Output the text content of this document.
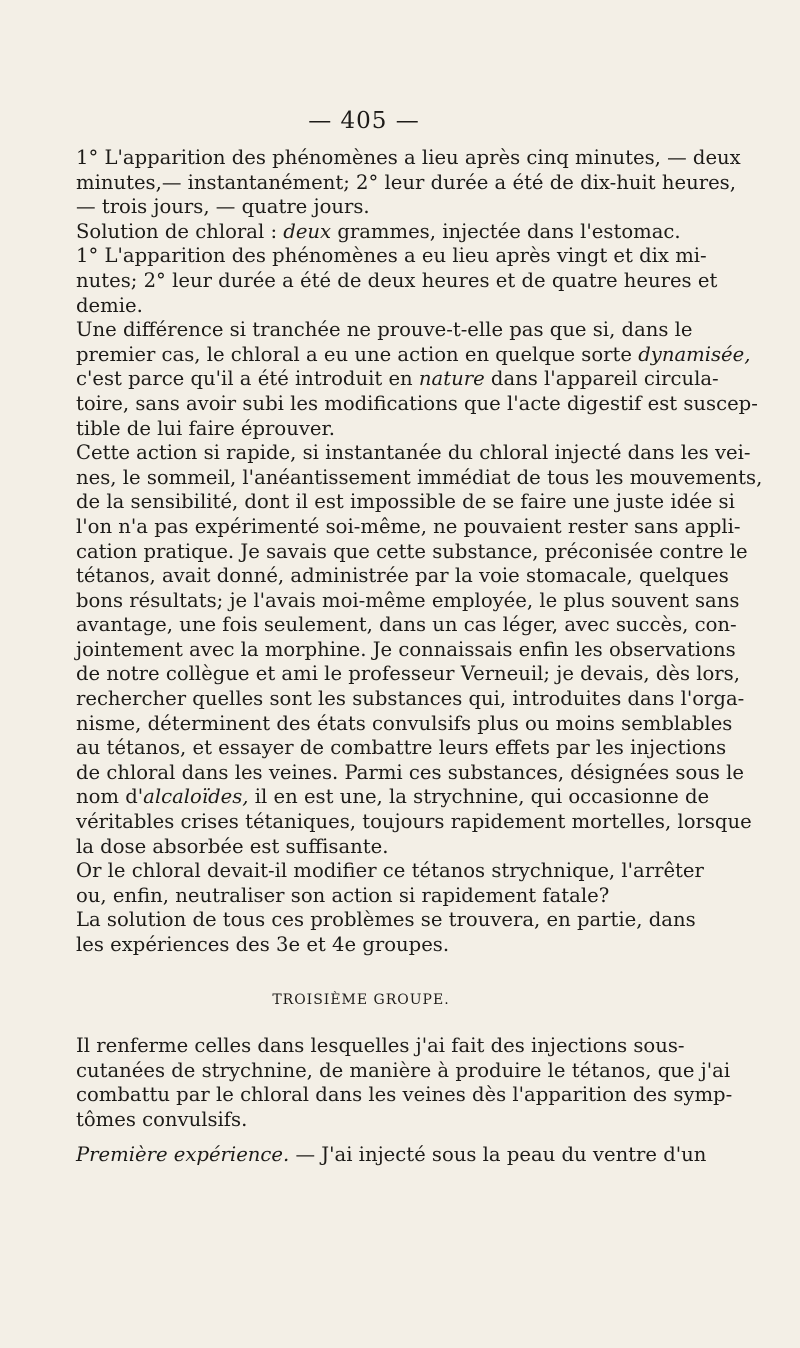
— 405 —

1° L'apparition des phénomènes a lieu après cinq minutes, — deux
minutes,— instantanément; 2° leur durée a été de dix-huit heures,
— trois jours, — quatre jours.

Solution de chloral : deux grammes, injectée dans l'estomac.

1° L'apparition des phénomènes a eu lieu après vingt et dix mi-
nutes; 2° leur durée a été de deux heures et de quatre heures et
demie.

Une différence si tranchée ne prouve-t-elle pas que si, dans le
premier cas, le chloral a eu une action en quelque sorte dynamisée,
c'est parce qu'il a été introduit en nature dans l'appareil circula-
toire, sans avoir subi les modifications que l'acte digestif est suscep-
tible de lui faire éprouver.

Cette action si rapide, si instantanée du chloral injecté dans les vei-
nes, le sommeil, l'anéantissement immédiat de tous les mouvements,
de la sensibilité, dont il est impossible de se faire une juste idée si
l'on n'a pas expérimenté soi-même, ne pouvaient rester sans appli-
cation pratique. Je savais que cette substance, préconisée contre le
tétanos, avait donné, administrée par la voie stomacale, quelques
bons résultats; je l'avais moi-même employée, le plus souvent sans
avantage, une fois seulement, dans un cas léger, avec succès, con-
jointement avec la morphine. Je connaissais enfin les observations
de notre collègue et ami le professeur Verneuil; je devais, dès lors,
rechercher quelles sont les substances qui, introduites dans l'orga-
nisme, déterminent des états convulsifs plus ou moins semblables
au tétanos, et essayer de combattre leurs effets par les injections
de chloral dans les veines. Parmi ces substances, désignées sous le
nom d'alcaloïdes, il en est une, la strychnine, qui occasionne de
véritables crises tétaniques, toujours rapidement mortelles, lorsque
la dose absorbée est suffisante.

Or le chloral devait-il modifier ce tétanos strychnique, l'arrêter
ou, enfin, neutraliser son action si rapidement fatale?

La solution de tous ces problèmes se trouvera, en partie, dans
les expériences des 3e et 4e groupes.

TROISIÈME GROUPE.

Il renferme celles dans lesquelles j'ai fait des injections sous-
cutanées de strychnine, de manière à produire le tétanos, que j'ai
combattu par le chloral dans les veines dès l'apparition des symp-
tômes convulsifs.

Première expérience. — J'ai injecté sous la peau du ventre d'un
